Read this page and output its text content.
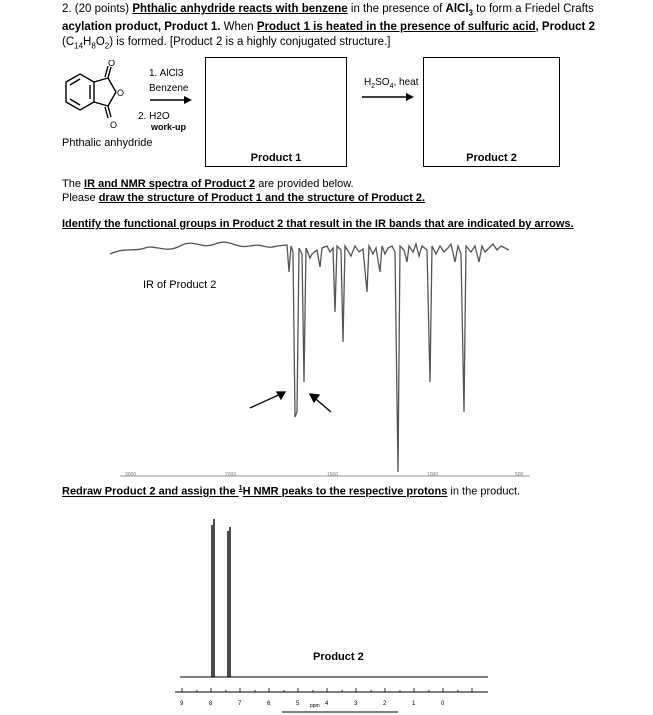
2. (20 points) Phthalic anhydride reacts with benzene in the presence of AlCl$_3$ to form a Friedel Crafts
acylation product, Product 1. When Product 1 is heated in the presence of sulfuric acid, Product 2
$(C_{14}H_8O_2)$ is formed. [Product 2 is a highly conjugated structure.]
O
O
O
1. AlCl3
Benzene
2. H2O
work-up
Phthalic anhydride
Product 1
$H_2SO_4$, heat
Product 2
The IR and NMR spectra of Product 2 are provided below.
Please draw the structure of Product 1 and the structure of Product 2.
Identify the functional groups in Product 2 that result in the IR bands that are indicated by arrows.
IR of Product 2
3000	2000	1500	1000	500
Redraw Product 2 and assign the $^1$H NMR peaks to the respective protons in the product.
Product 2
9	8	7	6	5	4	3	2	1	0
ppm
